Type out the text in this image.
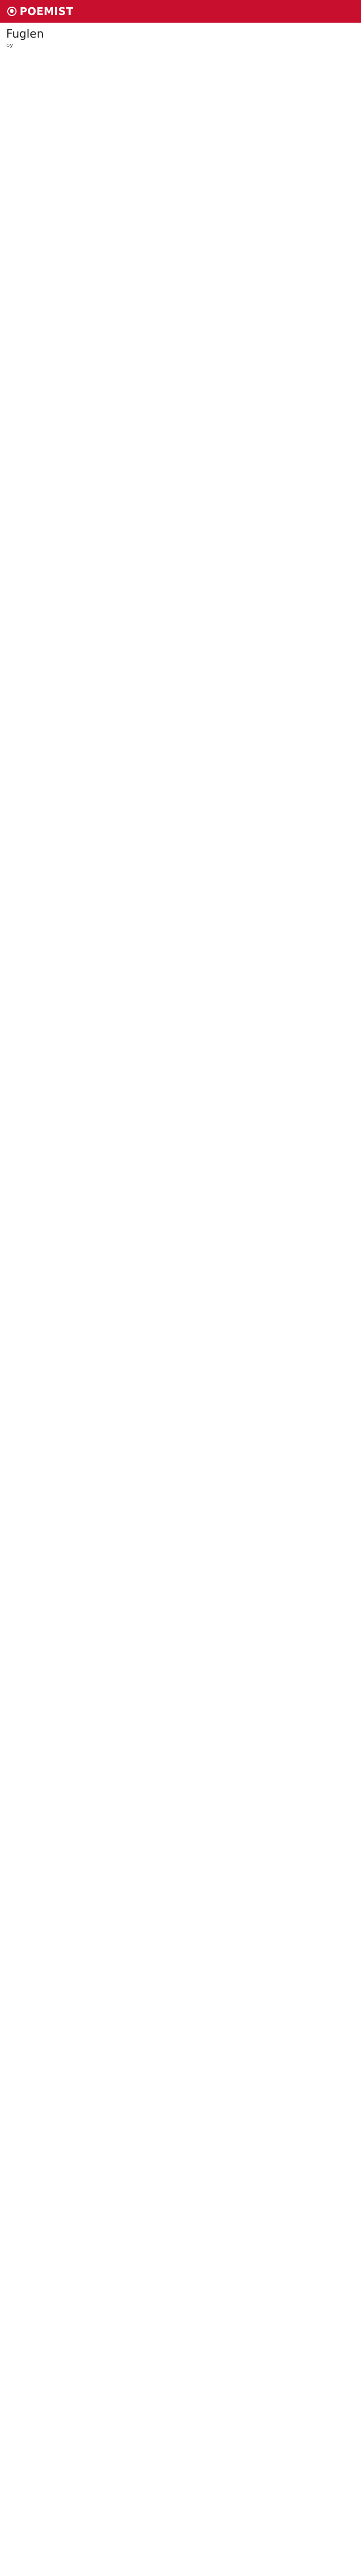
● POEMIST
Fuglen

by
